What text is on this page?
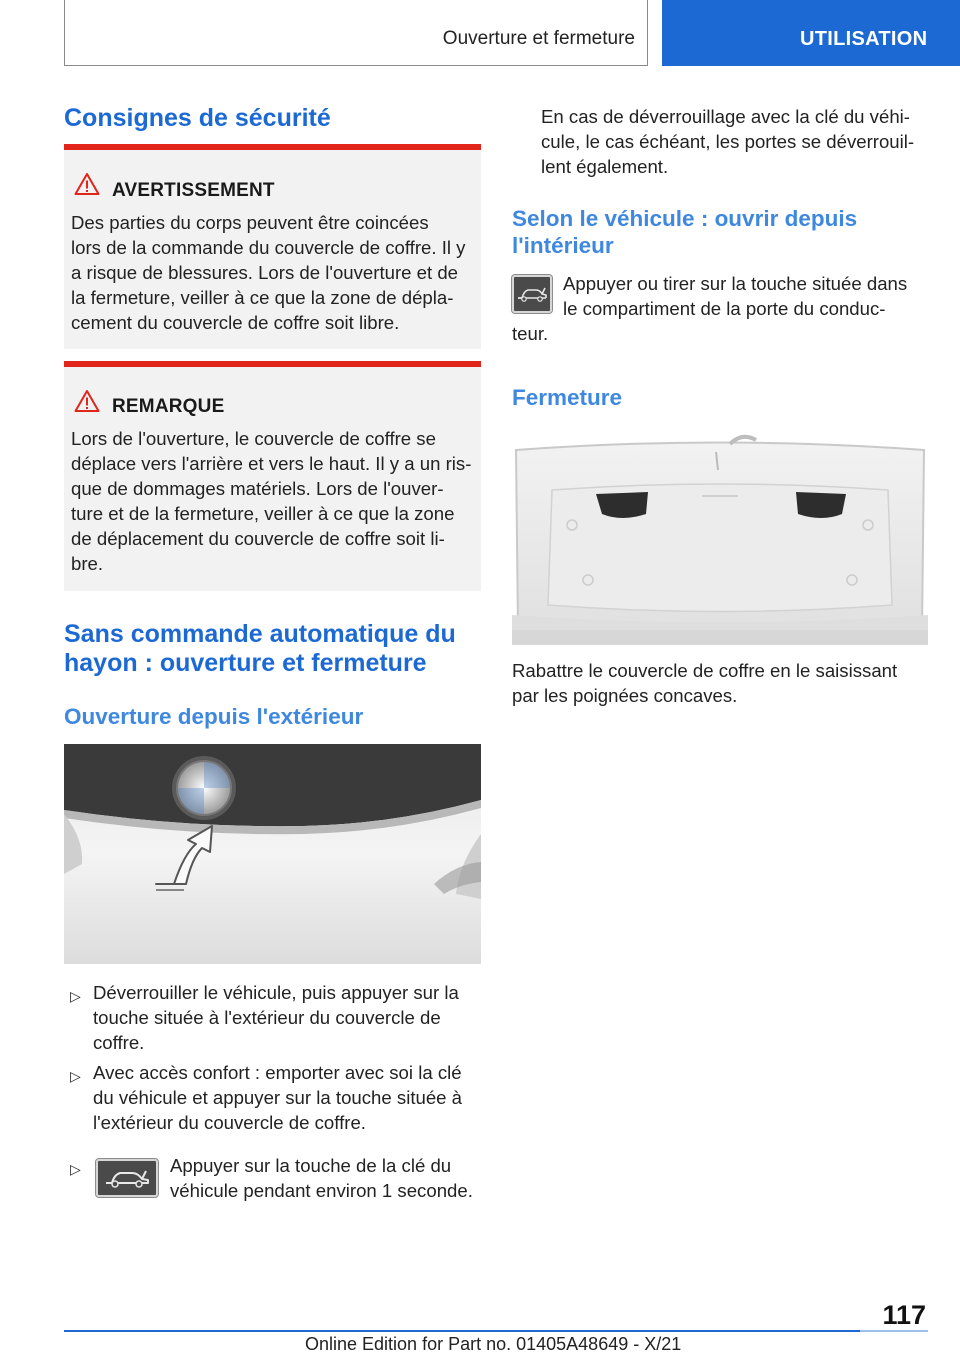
Ouverture et fermeture	UTILISATION
Consignes de sécurité
AVERTISSEMENT
Des parties du corps peuvent être coincées
lors de la commande du couvercle de coffre. Il y
a risque de blessures. Lors de l'ouverture et de
la fermeture, veiller à ce que la zone de dépla-
cement du couvercle de coffre soit libre.
REMARQUE
Lors de l'ouverture, le couvercle de coffre se
déplace vers l'arrière et vers le haut. Il y a un ris-
que de dommages matériels. Lors de l'ouver-
ture et de la fermeture, veiller à ce que la zone
de déplacement du couvercle de coffre soit li-
bre.
Sans commande automatique du
hayon : ouverture et fermeture
Ouverture depuis l'extérieur
▷ Déverrouiller le véhicule, puis appuyer sur la
touche située à l'extérieur du couvercle de
coffre.
▷ Avec accès confort : emporter avec soi la clé
du véhicule et appuyer sur la touche située à
l'extérieur du couvercle de coffre.
▷	Appuyer sur la touche de la clé du
véhicule pendant environ 1 seconde.
En cas de déverrouillage avec la clé du véhi-
cule, le cas échéant, les portes se déverrouil-
lent également.
Selon le véhicule : ouvrir depuis
l'intérieur
Appuyer ou tirer sur la touche située dans
le compartiment de la porte du conduc-
teur.
Fermeture
Rabattre le couvercle de coffre en le saisissant
par les poignées concaves.
117
Online Edition for Part no. 01405A48649 - X/21
